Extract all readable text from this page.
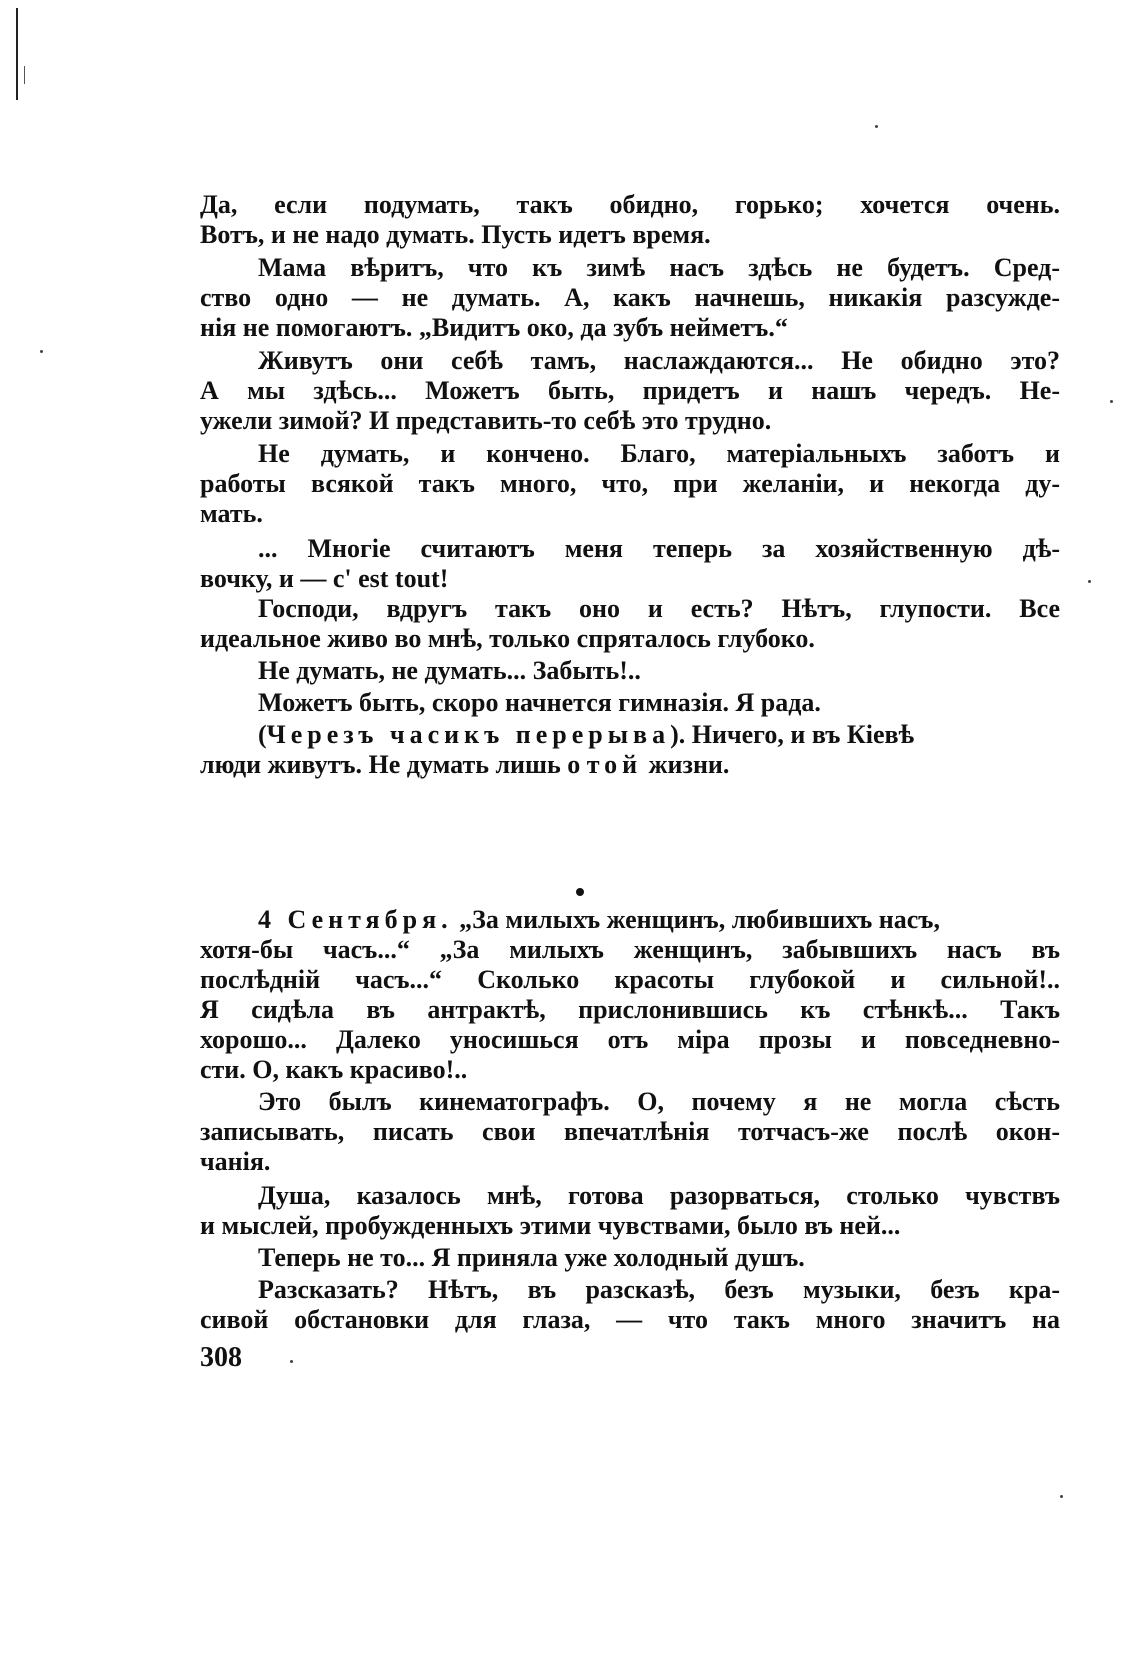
Да, если подумать, такъ обидно, горько; хочется очень.
Вотъ, и не надо думать. Пусть идетъ время.
Мама вѣритъ, что къ зимѣ насъ здѣсь не будетъ. Сред-
ство одно — не думать. А, какъ начнешь, никакія разсужде-
нія не помогаютъ. „Видитъ око, да зубъ нейметъ.“
Живутъ они себѣ тамъ, наслаждаются... Не обидно это?
А мы здѣсь... Можетъ быть, придетъ и нашъ чередъ. Не-
ужели зимой? И представить-то себѣ это трудно.
Не думать, и кончено. Благо, матеріальныхъ заботъ и
работы всякой такъ много, что, при желаніи, и некогда ду-
мать.
... Многіе считаютъ меня теперь за хозяйственную дѣ-
вочку, и — c' est tout!
Господи, вдругъ такъ оно и есть? Нѣтъ, глупости. Все
идеальное живо во мнѣ, только спряталось глубоко.
Не думать, не думать... Забыть!..
Можетъ быть, скоро начнется гимназія. Я рада.
(Черезъ часикъ перерыва). Ничего, и въ Кіевѣ
люди живутъ. Не думать лишь о той жизни.
4 Сентября. „За милыхъ женщинъ, любившихъ насъ,
хотя-бы часъ...“ „За милыхъ женщинъ, забывшихъ насъ въ
послѣдній часъ...“ Сколько красоты глубокой и сильной!..
Я сидѣла въ антрактѣ, прислонившись къ стѣнкѣ... Такъ
хорошо... Далеко уносишься отъ міра прозы и повседневно-
сти. О, какъ красиво!..
Это былъ кинематографъ. О, почему я не могла сѣсть
записывать, писать свои впечатлѣнія тотчасъ-же послѣ окон-
чанія.
Душа, казалось мнѣ, готова разорваться, столько чувствъ
и мыслей, пробужденныхъ этими чувствами, было въ ней...
Теперь не то... Я приняла уже холодный душъ.
Разсказать? Нѣтъ, въ разсказѣ, безъ музыки, безъ кра-
сивой обстановки для глаза, — что такъ много значитъ на
308
